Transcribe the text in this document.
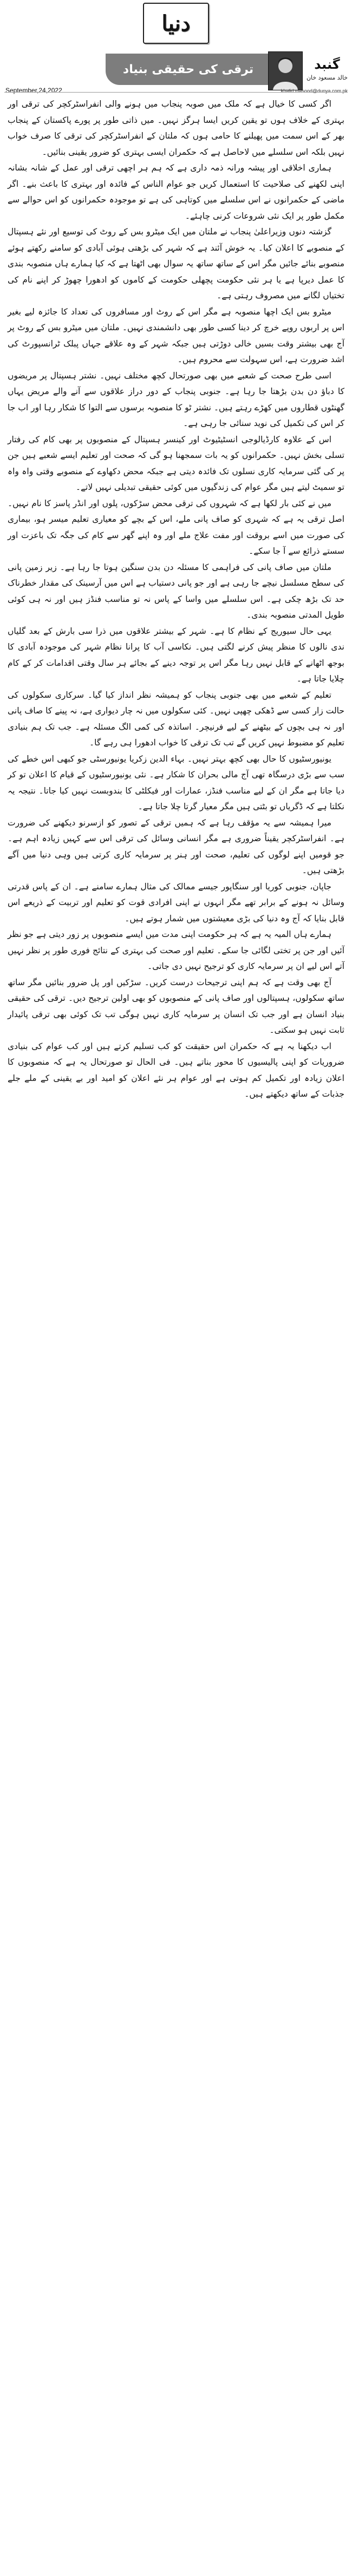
دنیا
ترقی کی حقیقی بنیاد	گنبد
خالد مسعود خان
September,24,2022	khalid.masood@dunya.com.pk

اگر کسی کا خیال ہے کہ ملک میں صوبہ پنجاب میں ہونے والی انفراسٹرکچر کی ترقی اور بہتری کے خلاف ہوں تو یقین کریں ایسا ہرگز نہیں۔ میں ذاتی طور پر پورے پاکستان کے پنجاب بھر کے اس سمت میں پھیلنے کا حامی ہوں کہ ملتان کے انفراسٹرکچر کی ترقی کا صرف خواب نہیں بلکہ اس سلسلے میں لاحاصل ہے کہ حکمران ایسی بہتری کو ضرور یقینی بنائیں۔

ہماری اخلاقی اور پیشہ ورانہ ذمہ داری ہے کہ ہم ہر اچھی ترقی اور عمل کے شانہ بشانہ اپنی لکھنے کی صلاحیت کا استعمال کریں جو عوام الناس کے فائدہ اور بہتری کا باعث بنے۔ اگر ماضی کے حکمرانوں نے اس سلسلے میں کوتاہی کی ہے تو موجودہ حکمرانوں کو اس حوالے سے مکمل طور پر ایک نئی شروعات کرنی چاہئے۔

گزشتہ دنوں وزیراعلیٰ پنجاب نے ملتان میں ایک میٹرو بس کے روٹ کی توسیع اور نئے ہسپتال کے منصوبے کا اعلان کیا۔ یہ خوش آئند ہے کہ شہر کی بڑھتی ہوئی آبادی کو سامنے رکھتے ہوئے منصوبے بنائے جائیں مگر اس کے ساتھ ساتھ یہ سوال بھی اٹھتا ہے کہ کیا ہمارے ہاں منصوبہ بندی کا عمل دیرپا ہے یا ہر نئی حکومت پچھلی حکومت کے کاموں کو ادھورا چھوڑ کر اپنے نام کی تختیاں لگانے میں مصروف رہتی ہے۔

میٹرو بس ایک اچھا منصوبہ ہے مگر اس کے روٹ اور مسافروں کی تعداد کا جائزہ لیے بغیر اس پر اربوں روپے خرچ کر دینا کسی طور بھی دانشمندی نہیں۔ ملتان میں میٹرو بس کے روٹ پر آج بھی بیشتر وقت بسیں خالی دوڑتی ہیں جبکہ شہر کے وہ علاقے جہاں پبلک ٹرانسپورٹ کی اشد ضرورت ہے، اس سہولت سے محروم ہیں۔

اسی طرح صحت کے شعبے میں بھی صورتحال کچھ مختلف نہیں۔ نشتر ہسپتال پر مریضوں کا دباؤ دن بدن بڑھتا جا رہا ہے۔ جنوبی پنجاب کے دور دراز علاقوں سے آنے والے مریض یہاں گھنٹوں قطاروں میں کھڑے رہتے ہیں۔ نشتر ٹو کا منصوبہ برسوں سے التوا کا شکار رہا اور اب جا کر اس کی تکمیل کی نوید سنائی جا رہی ہے۔

اس کے علاوہ کارڈیالوجی انسٹیٹیوٹ اور کینسر ہسپتال کے منصوبوں پر بھی کام کی رفتار تسلی بخش نہیں۔ حکمرانوں کو یہ بات سمجھنا ہو گی کہ صحت اور تعلیم ایسے شعبے ہیں جن پر کی گئی سرمایہ کاری نسلوں تک فائدہ دیتی ہے جبکہ محض دکھاوے کے منصوبے وقتی واہ واہ تو سمیٹ لیتے ہیں مگر عوام کی زندگیوں میں کوئی حقیقی تبدیلی نہیں لاتے۔

میں نے کئی بار لکھا ہے کہ شہروں کی ترقی محض سڑکوں، پلوں اور انڈر پاسز کا نام نہیں۔ اصل ترقی یہ ہے کہ شہری کو صاف پانی ملے، اس کے بچے کو معیاری تعلیم میسر ہو، بیماری کی صورت میں اسے بروقت اور مفت علاج ملے اور وہ اپنے گھر سے کام کی جگہ تک باعزت اور سستے ذرائع سے آ جا سکے۔

ملتان میں صاف پانی کی فراہمی کا مسئلہ دن بدن سنگین ہوتا جا رہا ہے۔ زیر زمین پانی کی سطح مسلسل نیچے جا رہی ہے اور جو پانی دستیاب ہے اس میں آرسینک کی مقدار خطرناک حد تک بڑھ چکی ہے۔ اس سلسلے میں واسا کے پاس نہ تو مناسب فنڈز ہیں اور نہ ہی کوئی طویل المدتی منصوبہ بندی۔

یہی حال سیوریج کے نظام کا ہے۔ شہر کے بیشتر علاقوں میں ذرا سی بارش کے بعد گلیاں ندی نالوں کا منظر پیش کرنے لگتی ہیں۔ نکاسی آب کا پرانا نظام شہر کی موجودہ آبادی کا بوجھ اٹھانے کے قابل نہیں رہا مگر اس پر توجہ دینے کے بجائے ہر سال وقتی اقدامات کر کے کام چلایا جاتا ہے۔

تعلیم کے شعبے میں بھی جنوبی پنجاب کو ہمیشہ نظر انداز کیا گیا۔ سرکاری سکولوں کی حالت زار کسی سے ڈھکی چھپی نہیں۔ کئی سکولوں میں نہ چار دیواری ہے، نہ پینے کا صاف پانی اور نہ ہی بچوں کے بیٹھنے کے لیے فرنیچر۔ اساتذہ کی کمی الگ مسئلہ ہے۔ جب تک ہم بنیادی تعلیم کو مضبوط نہیں کریں گے تب تک ترقی کا خواب ادھورا ہی رہے گا۔

یونیورسٹیوں کا حال بھی کچھ بہتر نہیں۔ بہاء الدین زکریا یونیورسٹی جو کبھی اس خطے کی سب سے بڑی درسگاہ تھی آج مالی بحران کا شکار ہے۔ نئی یونیورسٹیوں کے قیام کا اعلان تو کر دیا جاتا ہے مگر ان کے لیے مناسب فنڈز، عمارات اور فیکلٹی کا بندوبست نہیں کیا جاتا۔ نتیجہ یہ نکلتا ہے کہ ڈگریاں تو بٹتی ہیں مگر معیار گرتا چلا جاتا ہے۔

میرا ہمیشہ سے یہ مؤقف رہا ہے کہ ہمیں ترقی کے تصور کو ازسرنو دیکھنے کی ضرورت ہے۔ انفراسٹرکچر یقیناً ضروری ہے مگر انسانی وسائل کی ترقی اس سے کہیں زیادہ اہم ہے۔ جو قومیں اپنے لوگوں کی تعلیم، صحت اور ہنر پر سرمایہ کاری کرتی ہیں وہی دنیا میں آگے بڑھتی ہیں۔

جاپان، جنوبی کوریا اور سنگاپور جیسے ممالک کی مثال ہمارے سامنے ہے۔ ان کے پاس قدرتی وسائل نہ ہونے کے برابر تھے مگر انہوں نے اپنی افرادی قوت کو تعلیم اور تربیت کے ذریعے اس قابل بنایا کہ آج وہ دنیا کی بڑی معیشتوں میں شمار ہوتے ہیں۔

ہمارے ہاں المیہ یہ ہے کہ ہر حکومت اپنی مدت میں ایسے منصوبوں پر زور دیتی ہے جو نظر آئیں اور جن پر تختی لگائی جا سکے۔ تعلیم اور صحت کی بہتری کے نتائج فوری طور پر نظر نہیں آتے اس لیے ان پر سرمایہ کاری کو ترجیح نہیں دی جاتی۔

آج بھی وقت ہے کہ ہم اپنی ترجیحات درست کریں۔ سڑکیں اور پل ضرور بنائیں مگر ساتھ ساتھ سکولوں، ہسپتالوں اور صاف پانی کے منصوبوں کو بھی اولین ترجیح دیں۔ ترقی کی حقیقی بنیاد انسان ہے اور جب تک انسان پر سرمایہ کاری نہیں ہوگی تب تک کوئی بھی ترقی پائیدار ثابت نہیں ہو سکتی۔

اب دیکھنا یہ ہے کہ حکمران اس حقیقت کو کب تسلیم کرتے ہیں اور کب عوام کی بنیادی ضروریات کو اپنی پالیسیوں کا محور بناتے ہیں۔ فی الحال تو صورتحال یہ ہے کہ منصوبوں کا اعلان زیادہ اور تکمیل کم ہوتی ہے اور عوام ہر نئے اعلان کو امید اور بے یقینی کے ملے جلے جذبات کے ساتھ دیکھتے ہیں۔
